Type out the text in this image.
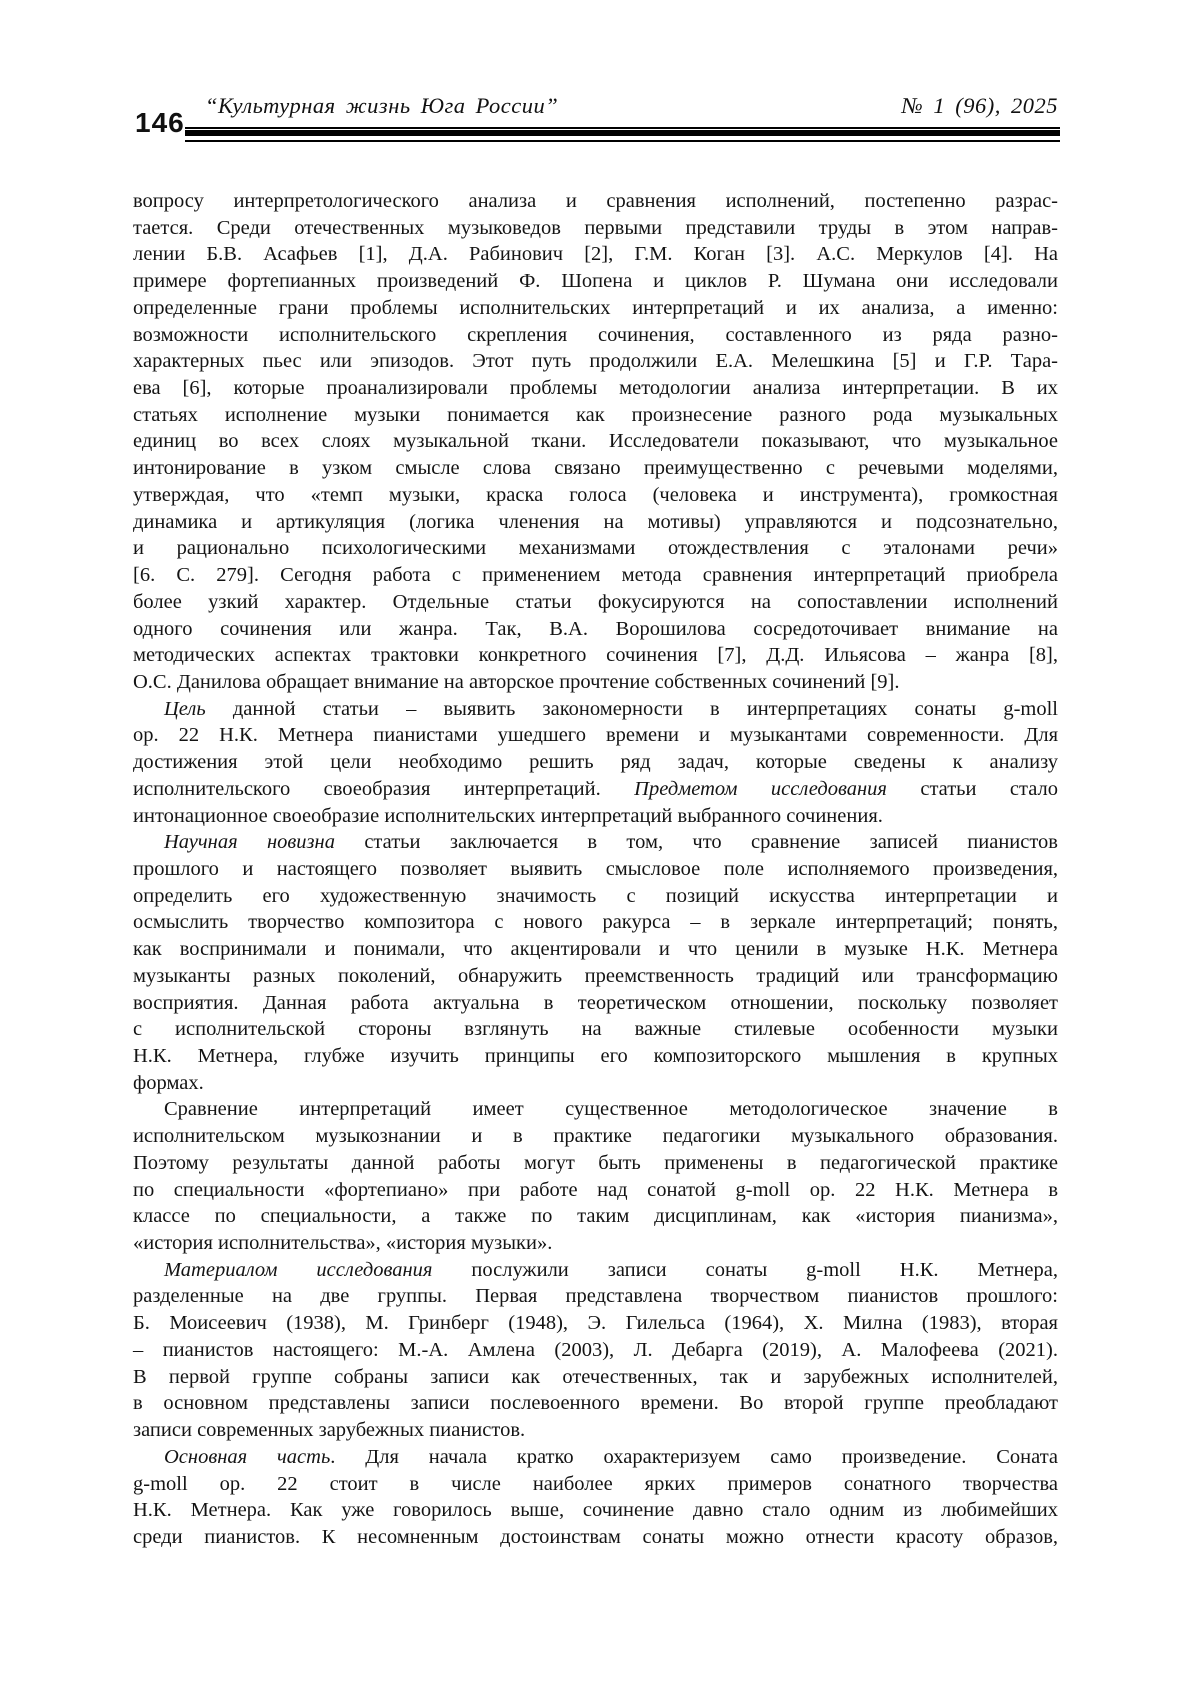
146
“Культурная жизнь Юга России”	№ 1 (96), 2025
вопросу интерпретологического анализа и сравнения исполнений, постепенно разрас-
тается. Среди отечественных музыковедов первыми представили труды в этом направ-
лении Б.В. Асафьев [1], Д.А. Рабинович [2], Г.М. Коган [3]. А.С. Меркулов [4]. На
примере фортепианных произведений Ф. Шопена и циклов Р. Шумана они исследовали
определенные грани проблемы исполнительских интерпретаций и их анализа, а именно:
возможности исполнительского скрепления сочинения, составленного из ряда разно-
характерных пьес или эпизодов. Этот путь продолжили Е.А. Мелешкина [5] и Г.Р. Тара-
ева [6], которые проанализировали проблемы методологии анализа интерпретации. В их
статьях исполнение музыки понимается как произнесение разного рода музыкальных
единиц во всех слоях музыкальной ткани. Исследователи показывают, что музыкальное
интонирование в узком смысле слова связано преимущественно с речевыми моделями,
утверждая, что «темп музыки, краска голоса (человека и инструмента), громкостная
динамика и артикуляция (логика членения на мотивы) управляются и подсознательно,
и рационально психологическими механизмами отождествления с эталонами речи»
[6. С. 279]. Сегодня работа с применением метода сравнения интерпретаций приобрела
более узкий характер. Отдельные статьи фокусируются на сопоставлении исполнений
одного сочинения или жанра. Так, В.А. Ворошилова сосредоточивает внимание на
методических аспектах трактовки конкретного сочинения [7], Д.Д. Ильясова – жанра [8],
О.С. Данилова обращает внимание на авторское прочтение собственных сочинений [9].
Цель данной статьи – выявить закономерности в интерпретациях сонаты g-moll
op. 22 Н.К. Метнера пианистами ушедшего времени и музыкантами современности. Для
достижения этой цели необходимо решить ряд задач, которые сведены к анализу
исполнительского своеобразия интерпретаций. Предметом исследования статьи стало
интонационное своеобразие исполнительских интерпретаций выбранного сочинения.
Научная новизна статьи заключается в том, что сравнение записей пианистов
прошлого и настоящего позволяет выявить смысловое поле исполняемого произведения,
определить его художественную значимость с позиций искусства интерпретации и
осмыслить творчество композитора с нового ракурса – в зеркале интерпретаций; понять,
как воспринимали и понимали, что акцентировали и что ценили в музыке Н.К. Метнера
музыканты разных поколений, обнаружить преемственность традиций или трансформацию
восприятия. Данная работа актуальна в теоретическом отношении, поскольку позволяет
с исполнительской стороны взглянуть на важные стилевые особенности музыки
Н.К. Метнера, глубже изучить принципы его композиторского мышления в крупных
формах.
Сравнение интерпретаций имеет существенное методологическое значение в
исполнительском музыкознании и в практике педагогики музыкального образования.
Поэтому результаты данной работы могут быть применены в педагогической практике
по специальности «фортепиано» при работе над сонатой g-moll op. 22 Н.К. Метнера в
классе по специальности, а также по таким дисциплинам, как «история пианизма»,
«история исполнительства», «история музыки».
Материалом исследования послужили записи сонаты g-moll Н.К. Метнера,
разделенные на две группы. Первая представлена творчеством пианистов прошлого:
Б. Моисеевич (1938), М. Гринберг (1948), Э. Гилельса (1964), Х. Милна (1983), вторая
– пианистов настоящего: М.-А. Амлена (2003), Л. Дебарга (2019), А. Малофеева (2021).
В первой группе собраны записи как отечественных, так и зарубежных исполнителей,
в основном представлены записи послевоенного времени. Во второй группе преобладают
записи современных зарубежных пианистов.
Основная часть. Для начала кратко охарактеризуем само произведение. Соната
g-moll op. 22 стоит в числе наиболее ярких примеров сонатного творчества
Н.К. Метнера. Как уже говорилось выше, сочинение давно стало одним из любимейших
среди пианистов. К несомненным достоинствам сонаты можно отнести красоту образов,
